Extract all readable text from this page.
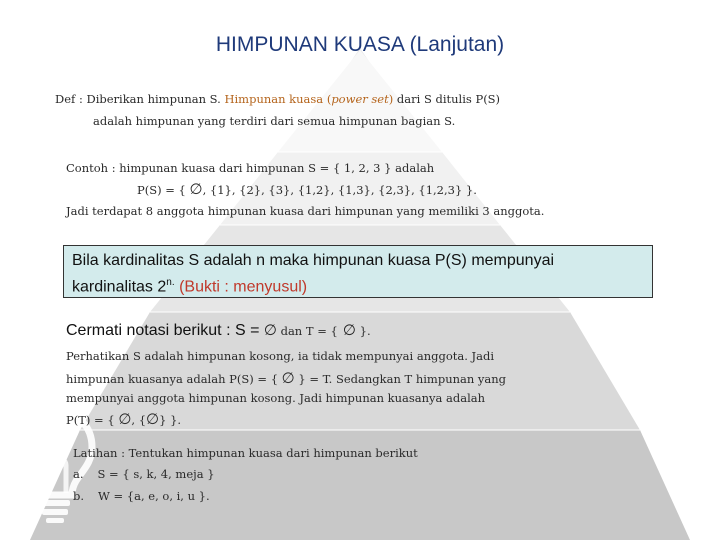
HIMPUNAN KUASA (Lanjutan)
Def : Diberikan himpunan S. Himpunan kuasa (power set) dari S ditulis P(S)
adalah himpunan yang terdiri dari semua himpunan bagian S.
Contoh : himpunan kuasa dari himpunan S = { 1, 2, 3 } adalah
P(S) = { ∅, {1}, {2}, {3}, {1,2}, {1,3}, {2,3}, {1,2,3} }.
Jadi terdapat 8 anggota himpunan kuasa dari himpunan yang memiliki 3 anggota.
Bila kardinalitas S adalah n maka himpunan kuasa P(S) mempunyai
kardinalitas $2^{n.}$ (Bukti : menyusul)
Cermati notasi berikut : S = ∅ dan T = { ∅ }.
Perhatikan S adalah himpunan kosong, ia tidak mempunyai anggota. Jadi
himpunan kuasanya adalah P(S) = { ∅ } = T. Sedangkan T himpunan yang
mempunyai anggota himpunan kosong. Jadi himpunan kuasanya adalah
P(T) = { ∅, {∅} }.
Latihan : Tentukan himpunan kuasa dari himpunan berikut
a. S = { s, k, 4, meja }
b. W = {a, e, o, i, u }.
